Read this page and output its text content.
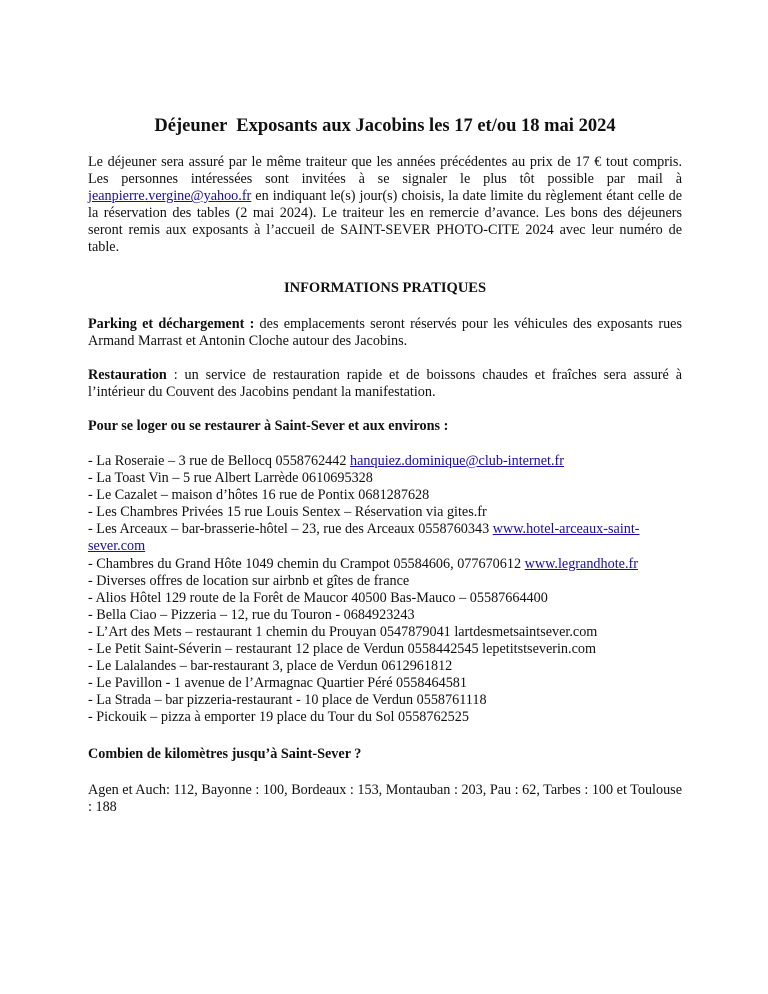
Déjeuner  Exposants aux Jacobins les 17 et/ou 18 mai 2024

Le déjeuner sera assuré par le même traiteur que les années précédentes au prix de 17 € tout compris. Les personnes intéressées sont invitées à se signaler le plus tôt possible par mail à jeanpierre.vergine@yahoo.fr en indiquant le(s) jour(s) choisis, la date limite du règlement étant celle de la réservation des tables (2 mai 2024). Le traiteur les en remercie d’avance. Les bons des déjeuners seront remis aux exposants à l’accueil de SAINT-SEVER PHOTO-CITE 2024 avec leur numéro de table.

INFORMATIONS PRATIQUES

Parking et déchargement : des emplacements seront réservés pour les véhicules des exposants rues Armand Marrast et Antonin Cloche autour des Jacobins.

Restauration : un service de restauration rapide et de boissons chaudes et fraîches sera assuré à l’intérieur du Couvent des Jacobins pendant la manifestation.

Pour se loger ou se restaurer à Saint-Sever et aux environs :

- La Roseraie – 3 rue de Bellocq 0558762442 hanquiez.dominique@club-internet.fr
- La Toast Vin – 5 rue Albert Larrède 0610695328
- Le Cazalet – maison d’hôtes 16 rue de Pontix 0681287628
- Les Chambres Privées 15 rue Louis Sentex – Réservation via gites.fr
- Les Arceaux – bar-brasserie-hôtel – 23, rue des Arceaux 0558760343 www.hotel-arceaux-saint-sever.com
- Chambres du Grand Hôte 1049 chemin du Crampot 05584606, 077670612 www.legrandhote.fr
- Diverses offres de location sur airbnb et gîtes de france
- Alios Hôtel 129 route de la Forêt de Maucor 40500 Bas-Mauco – 05587664400
- Bella Ciao – Pizzeria – 12, rue du Touron - 0684923243
- L’Art des Mets – restaurant 1 chemin du Prouyan 0547879041 lartdesmetsaintsever.com
- Le Petit Saint-Séverin – restaurant 12 place de Verdun 0558442545 lepetitstseverin.com
- Le Lalalandes – bar-restaurant 3, place de Verdun 0612961812
- Le Pavillon - 1 avenue de l’Armagnac Quartier Péré 0558464581
- La Strada – bar pizzeria-restaurant - 10 place de Verdun 0558761118
- Pickouik – pizza à emporter 19 place du Tour du Sol 0558762525

Combien de kilomètres jusqu’à Saint-Sever ?

Agen et Auch: 112, Bayonne : 100, Bordeaux : 153, Montauban : 203, Pau : 62, Tarbes : 100 et Toulouse : 188
